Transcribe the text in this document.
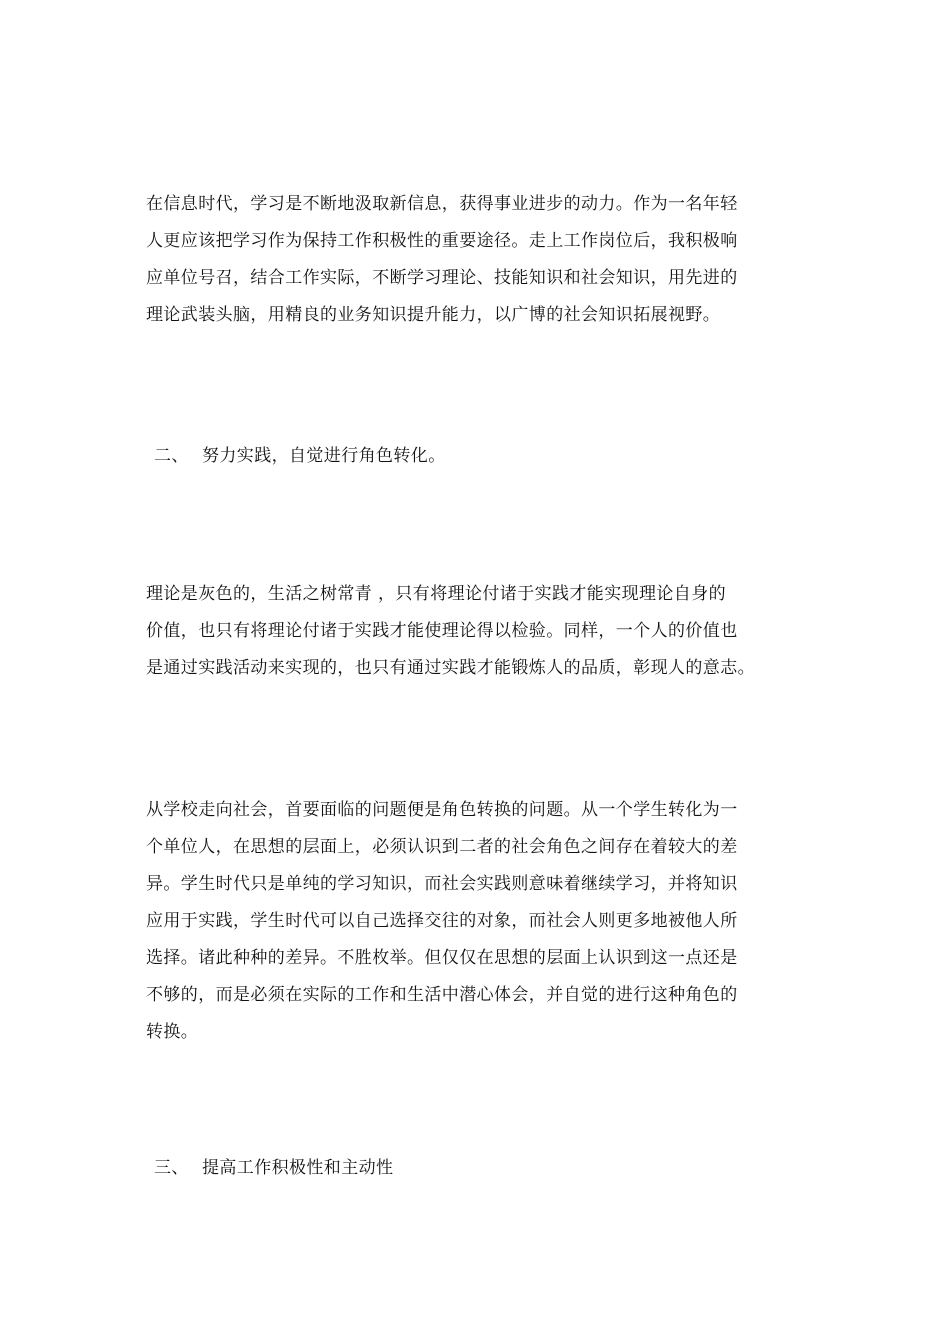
在信息时代，学习是不断地汲取新信息，获得事业进步的动力。作为一名年轻
人更应该把学习作为保持工作积极性的重要途径。走上工作岗位后，我积极响
应单位号召，结合工作实际，不断学习理论、技能知识和社会知识，用先进的
理论武装头脑，用精良的业务知识提升能力，以广博的社会知识拓展视野。
二、 努力实践，自觉进行角色转化。
理论是灰色的，生活之树常青 ，只有将理论付诸于实践才能实现理论自身的
价值，也只有将理论付诸于实践才能使理论得以检验。同样，一个人的价值也
是通过实践活动来实现的，也只有通过实践才能锻炼人的品质，彰现人的意志。
从学校走向社会，首要面临的问题便是角色转换的问题。从一个学生转化为一
个单位人，在思想的层面上，必须认识到二者的社会角色之间存在着较大的差
异。学生时代只是单纯的学习知识，而社会实践则意味着继续学习，并将知识
应用于实践，学生时代可以自己选择交往的对象，而社会人则更多地被他人所
选择。诸此种种的差异。不胜枚举。但仅仅在思想的层面上认识到这一点还是
不够的，而是必须在实际的工作和生活中潜心体会，并自觉的进行这种角色的
转换。
三、 提高工作积极性和主动性
